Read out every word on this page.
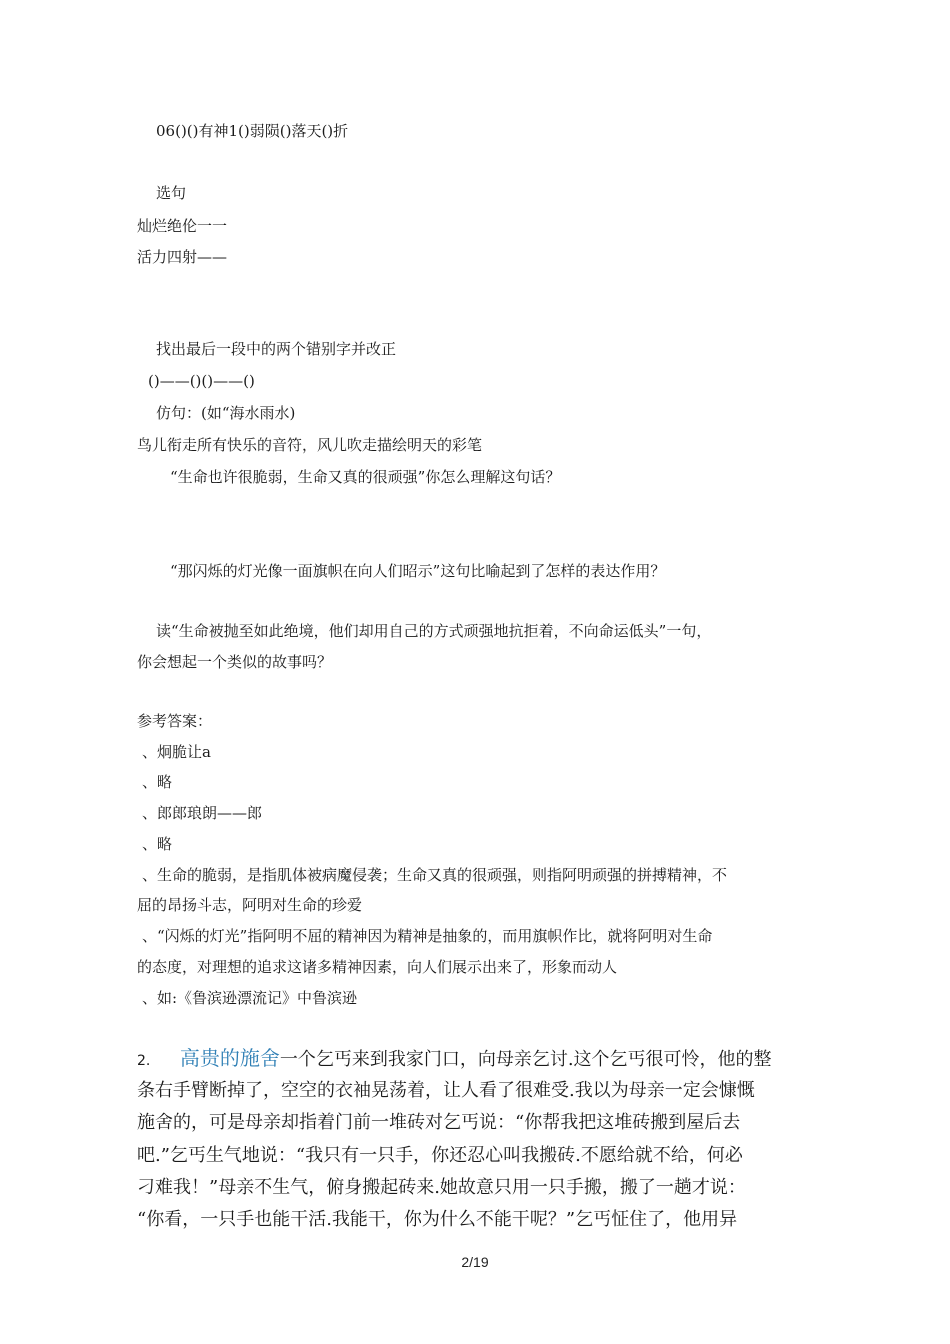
06()()有神1()弱陨()落天()折
选句
灿烂绝伦一一
活力四射——
找出最后一段中的两个错别字并改正
()——()()——()
仿句：(如“海水雨水)
鸟儿衔走所有快乐的音符，风儿吹走描绘明天的彩笔
“生命也许很脆弱，生命又真的很顽强”你怎么理解这句话？
“那闪烁的灯光像一面旗帜在向人们昭示”这句比喻起到了怎样的表达作用？
读“生命被抛至如此绝境，他们却用自己的方式顽强地抗拒着，不向命运低头”一句，
你会想起一个类似的故事吗？
参考答案：
、炯脆让a
、略
、郎郎琅朗——郎
、略
、生命的脆弱，是指肌体被病魔侵袭；生命又真的很顽强，则指阿明顽强的拼搏精神，不
屈的昂扬斗志，阿明对生命的珍爱
、“闪烁的灯光”指阿明不屈的精神因为精神是抽象的，而用旗帜作比，就将阿明对生命
的态度，对理想的追求这诸多精神因素，向人们展示出来了，形象而动人
、如:《鲁滨逊漂流记》中鲁滨逊
2. 高贵的施舍一个乞丐来到我家门口，向母亲乞讨.这个乞丐很可怜，他的整
条右手臂断掉了，空空的衣袖晃荡着，让人看了很难受.我以为母亲一定会慷慨
施舍的，可是母亲却指着门前一堆砖对乞丐说：“你帮我把这堆砖搬到屋后去
吧.”乞丐生气地说：“我只有一只手，你还忍心叫我搬砖.不愿给就不给，何必
刁难我！”母亲不生气，俯身搬起砖来.她故意只用一只手搬，搬了一趟才说：
“你看，一只手也能干活.我能干，你为什么不能干呢？”乞丐怔住了，他用异
2/19
